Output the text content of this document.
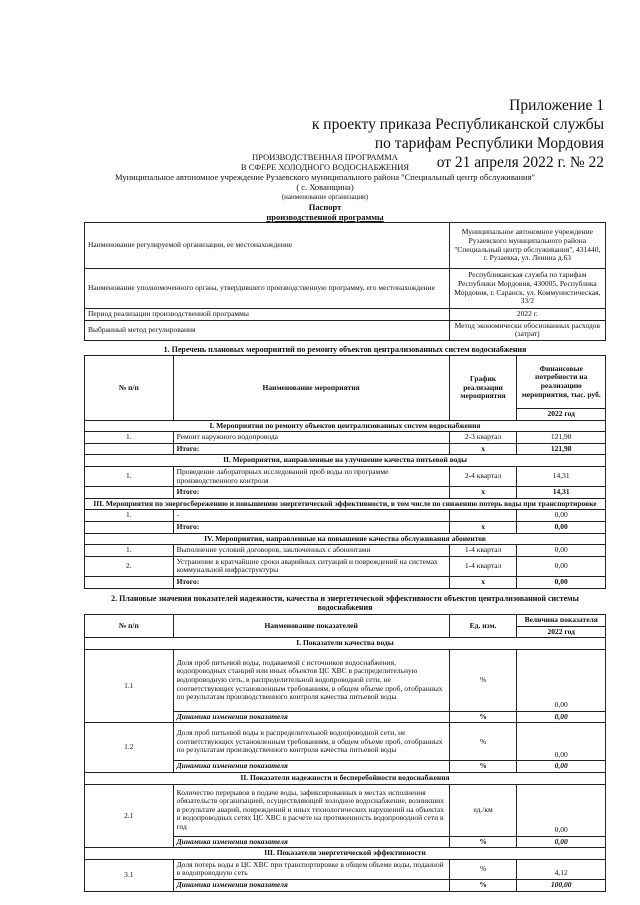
Приложение 1
к проекту приказа Республиканской службы
по тарифам Республики Мордовия
от 21 апреля 2022 г. № 22
ПРОИЗВОДСТВЕННАЯ ПРОГРАММА
В СФЕРЕ ХОЛОДНОГО ВОДОСНАБЖЕНИЯ
Муниципальное автономное учреждение Рузаевского муниципального района "Специальный центр обслуживания"
( с. Хованщина)
(наименование организации)
Паспорт
производственной программы
Наименование регулируемой организации, ее местонахождение	Муниципальное автономное учреждение Рузаевского муниципального района "Специальный центр обслуживания", 431440, г. Рузаевка, ул. Ленина д.63
Наименование уполномоченного органа, утвердившего производственную программу, его местонахождение	Республиканская служба по тарифам Республики Мордовия, 430005, Республика Мордовия, г. Саранск, ул. Коммунистическая, 33/2
Период реализации производственной программы	2022 г.
Выбранный метод регулирования	Метод экономически обоснованных расходов (затрат)
1. Перечень плановых мероприятий по ремонту объектов централизованных систем водоснабжения
№ п/п	Наименование мероприятия	График реализации мероприятия	Финансовые потребности на реализацию мероприятия, тыс. руб.
			2022 год
I. Мероприятия по ремонту объектов централизованных систем водоснабжения			
1.	Ремонт наружного водопровода	2-3 квартал	121,98
	Итого:	x	121,98
II. Мероприятия, направленные на улучшение качества питьевой воды			
1.	Проведение лабораторных исследований проб воды по программе производственного контроля	2-4 квартал	14,31
	Итого:	x	14,31
III. Мероприятия по энергосбережению и повышению энергетической эффективности, в том числе по снижению потерь воды при транспортировке			
1.	-		0,00
	Итого:	x	0,00
IV. Мероприятия, направленные на повышение качества обслуживания абонентов			
1.	Выполнение условий договоров, заключенных с абонентами	1-4 квартал	0,00
2.	Устранение в кратчайшие сроки аварийных ситуаций и повреждений на системах коммунальной инфраструктуры	1-4 квартал	0,00
	Итого:	x	0,00
2. Плановые значения показателей надежности, качества и энергетической эффективности объектов централизованной системы водоснабжения
№ п/п	Наименование показателей	Ед. изм.	Величина показателя
			2022 год
I. Показатели качества воды			
1.1	Доля проб питьевой воды, подаваемой с источников водоснабжения, водопроводных станций или иных объектов ЦС ХВС в распределительную водопроводную сеть, в распределительной водопроводной сети, не соответствующих установленным требованиям, в общем объеме проб, отобранных по результатам производственного контроля качества питьевой воды	%	0,00
	Динамика изменения показателя	%	0,00
1.2	Доля проб питьевой воды в распределительной водопроводной сети, не соответствующих установленным требованиям, в общем объеме проб, отобранных по результатам производственного контроля качества питьевой воды	%	0,00
	Динамика изменения показателя	%	0,00
II. Показатели надежности и бесперебойности водоснабжения			
2.1	Количество перерывов в подаче воды, зафиксированных в местах исполнения обязательств организацией, осуществляющей холодное водоснабжение, возникших в результате аварий, повреждений и иных технологических нарушений на объектах и водопроводных сетях ЦС ХВС в расчете на протяженность водопроводной сети в год	ед./км	0,00
	Динамика изменения показателя	%	0,00
III. Показатели энергетической эффективности			
3.1	Доля потерь воды в ЦС ХВС при транспортировке в общем объеме воды, поданной в водопроводную сеть	%	4,12
	Динамика изменения показателя	%	100,00
